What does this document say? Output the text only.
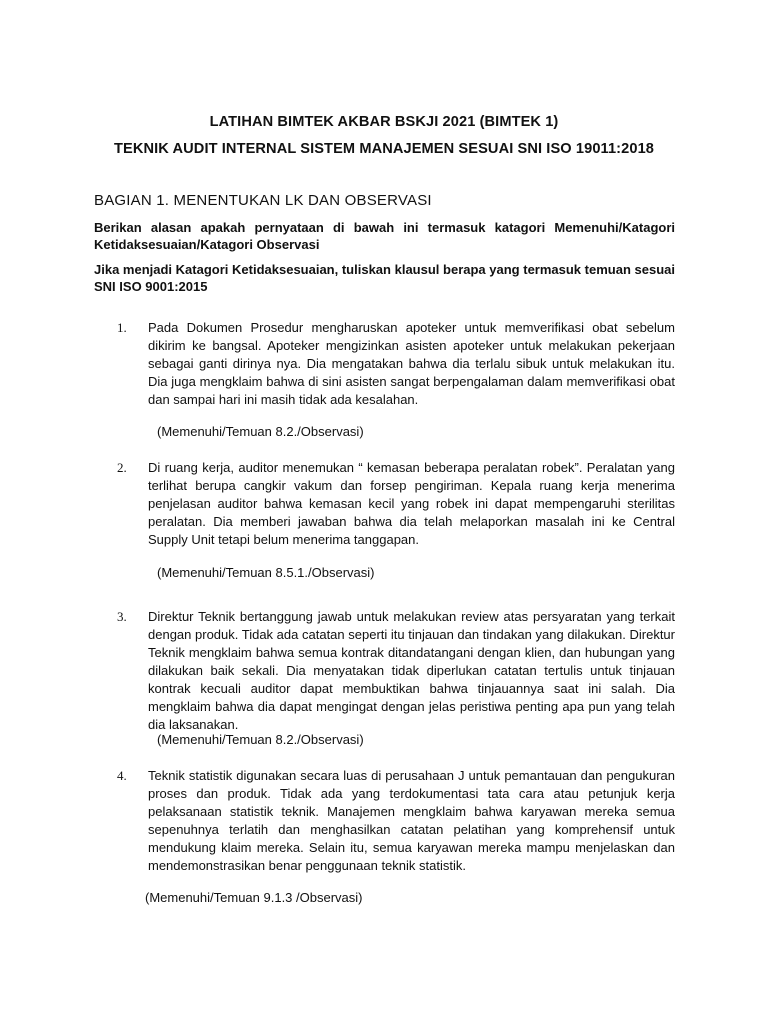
LATIHAN BIMTEK AKBAR BSKJI 2021 (BIMTEK 1)
TEKNIK AUDIT INTERNAL SISTEM MANAJEMEN SESUAI SNI ISO 19011:2018
BAGIAN 1. MENENTUKAN LK DAN OBSERVASI
Berikan alasan apakah pernyataan di bawah ini termasuk katagori Memenuhi/Katagori Ketidaksesuaian/Katagori Observasi
Jika menjadi Katagori Ketidaksesuaian, tuliskan klausul berapa yang termasuk temuan sesuai SNI ISO 9001:2015
1. Pada Dokumen Prosedur mengharuskan apoteker untuk memverifikasi obat sebelum dikirim ke bangsal. Apoteker mengizinkan asisten apoteker untuk melakukan pekerjaan sebagai ganti dirinya nya. Dia mengatakan bahwa dia terlalu sibuk untuk melakukan itu. Dia juga mengklaim bahwa di sini asisten sangat berpengalaman dalam memverifikasi obat dan sampai hari ini masih tidak ada kesalahan.
(Memenuhi/Temuan 8.2./Observasi)
2. Di ruang kerja, auditor menemukan “ kemasan beberapa peralatan robek”. Peralatan yang terlihat berupa cangkir vakum dan forsep pengiriman. Kepala ruang kerja menerima penjelasan auditor bahwa kemasan kecil yang robek ini dapat mempengaruhi sterilitas peralatan. Dia memberi jawaban bahwa dia telah melaporkan masalah ini ke Central Supply Unit tetapi belum menerima tanggapan.
(Memenuhi/Temuan 8.5.1./Observasi)
3. Direktur Teknik bertanggung jawab untuk melakukan review atas persyaratan yang terkait dengan produk. Tidak ada catatan seperti itu tinjauan dan tindakan yang dilakukan. Direktur Teknik mengklaim bahwa semua kontrak ditandatangani dengan klien, dan hubungan yang dilakukan baik sekali. Dia menyatakan tidak diperlukan catatan tertulis untuk tinjauan kontrak kecuali auditor dapat membuktikan bahwa tinjauannya saat ini salah. Dia mengklaim bahwa dia dapat mengingat dengan jelas peristiwa penting apa pun yang telah dia laksanakan.
(Memenuhi/Temuan 8.2./Observasi)
4. Teknik statistik digunakan secara luas di perusahaan J untuk pemantauan dan pengukuran proses dan produk. Tidak ada yang terdokumentasi tata cara atau petunjuk kerja pelaksanaan statistik teknik. Manajemen mengklaim bahwa karyawan mereka semua sepenuhnya terlatih dan menghasilkan catatan pelatihan yang komprehensif untuk mendukung klaim mereka. Selain itu, semua karyawan mereka mampu menjelaskan dan mendemonstrasikan benar penggunaan teknik statistik.
(Memenuhi/Temuan 9.1.3 /Observasi)
